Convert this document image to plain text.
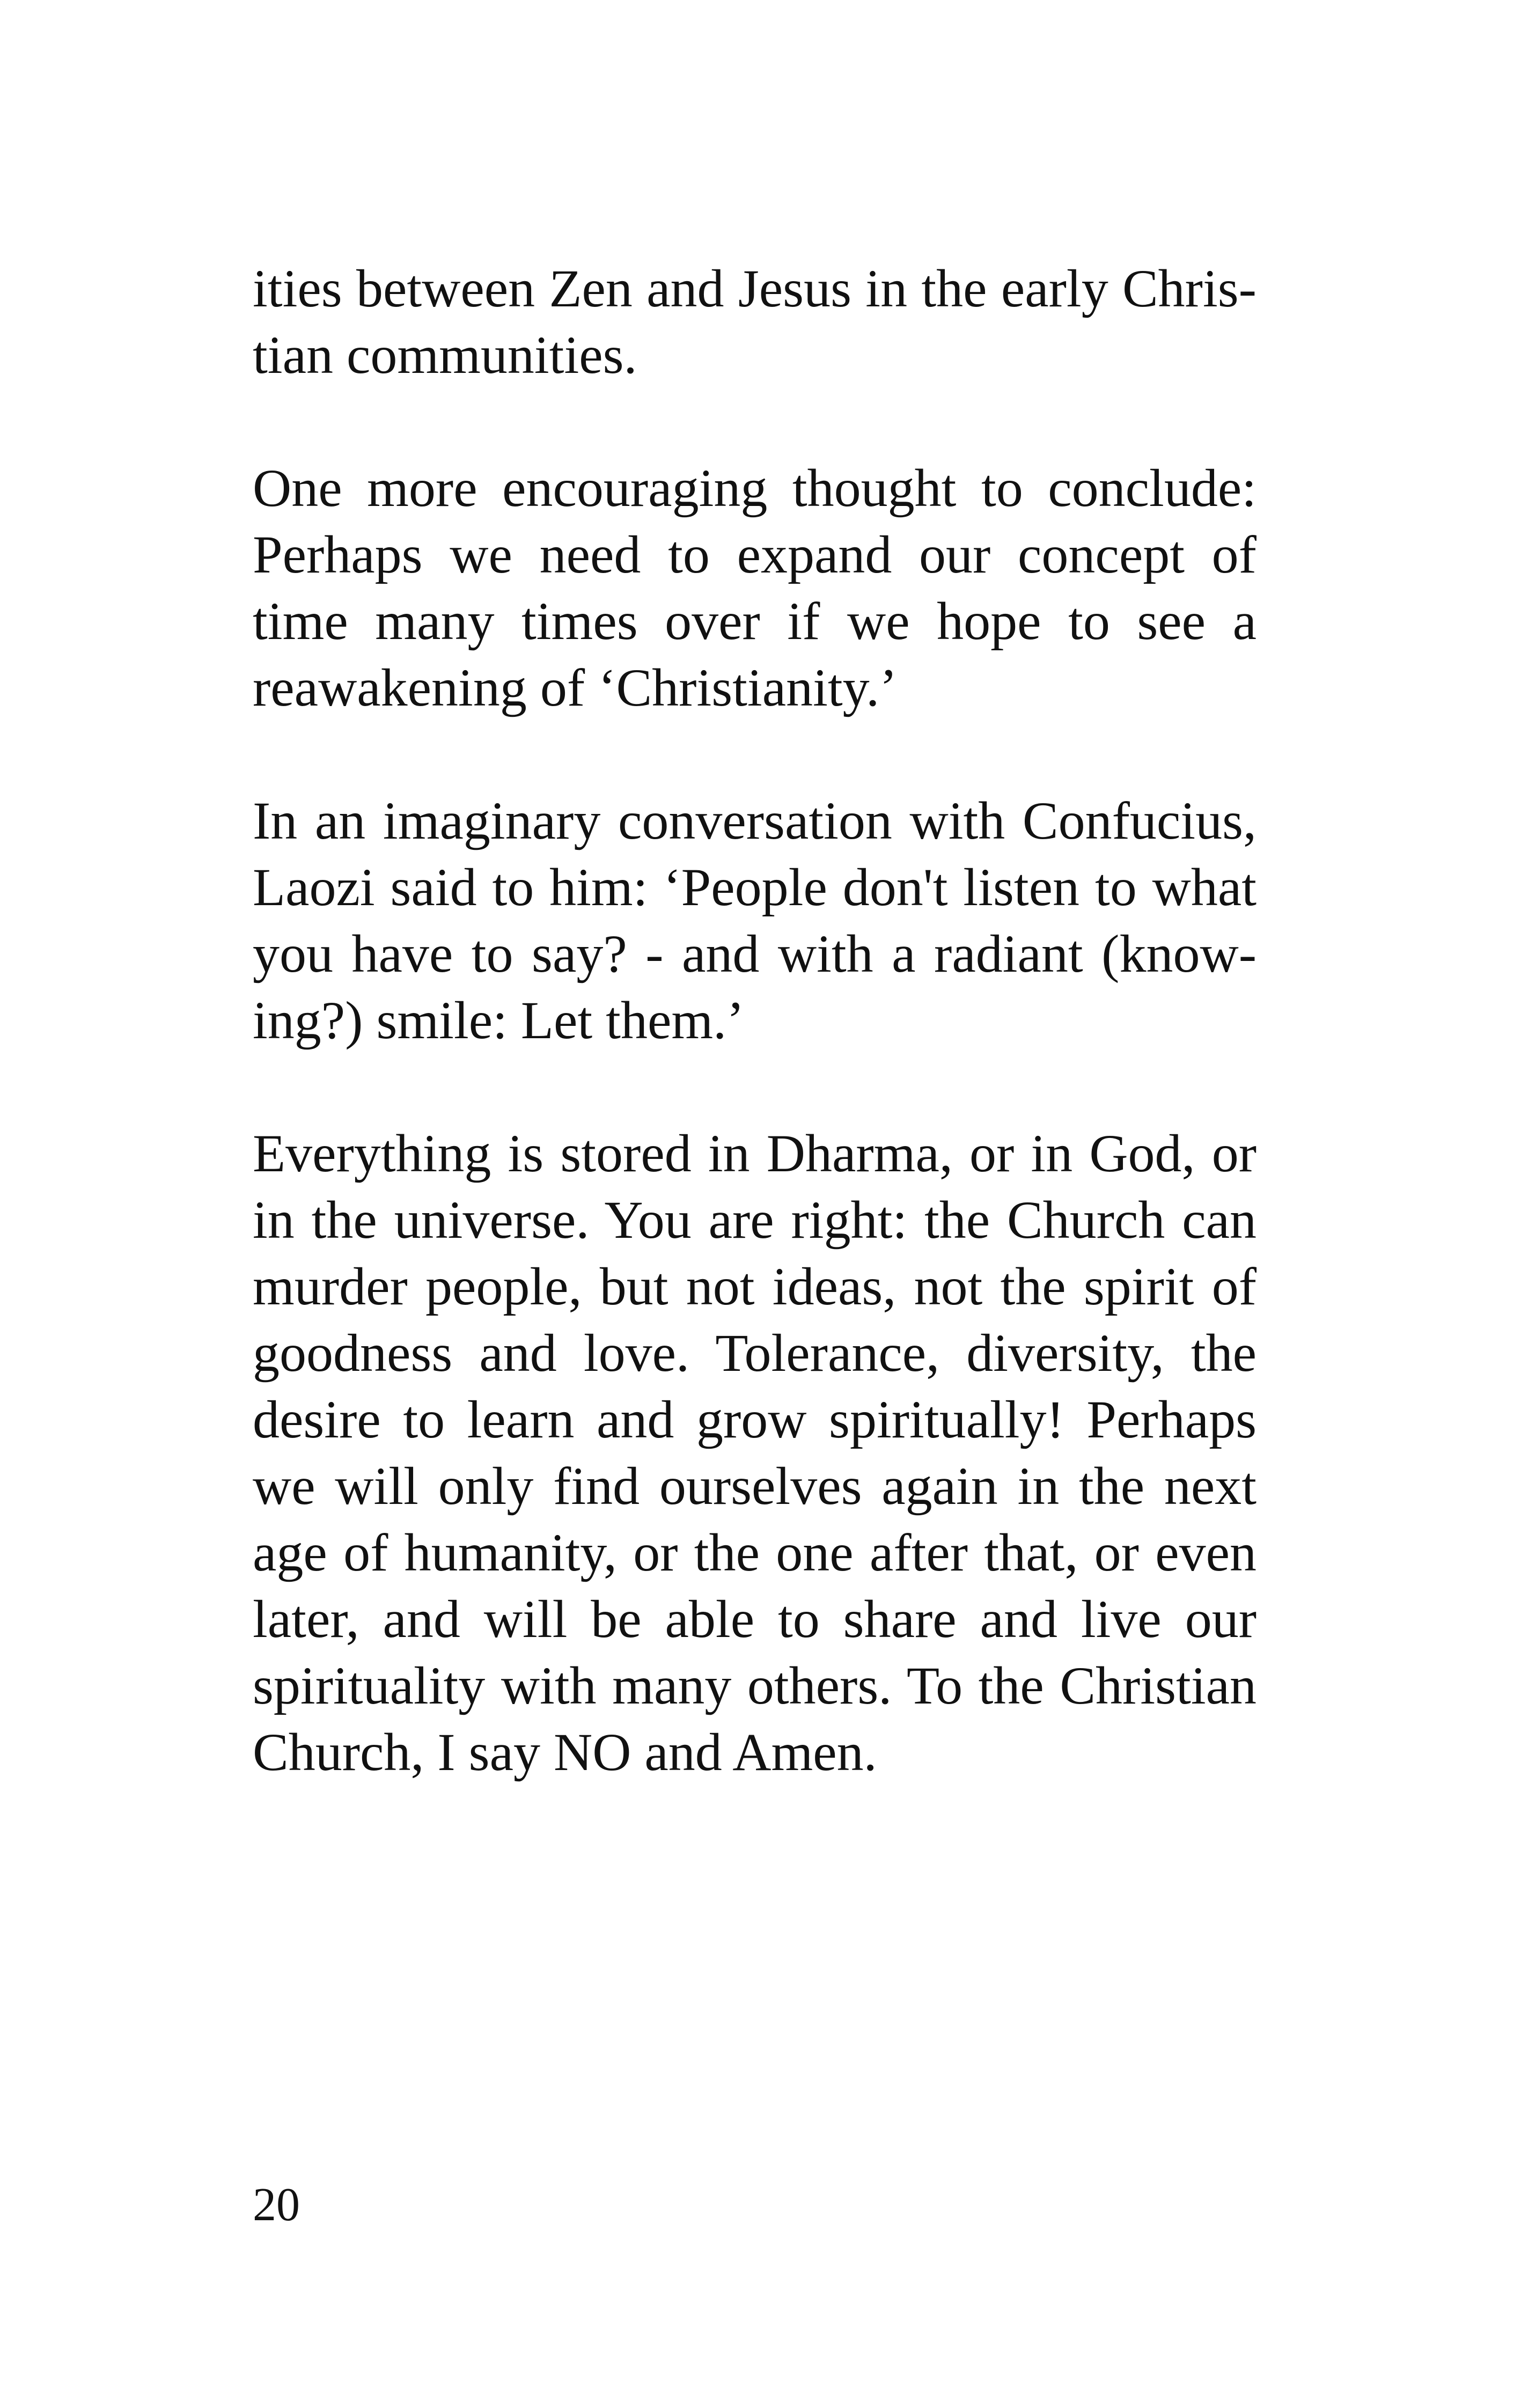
ities between Zen and Jesus in the early Chris-
tian communities.

One more encouraging thought to conclude:
Perhaps we need to expand our concept of
time many times over if we hope to see a
reawakening of ‘Christianity.’

In an imaginary conversation with Confucius,
Laozi said to him: ‘People don't listen to what
you have to say? - and with a radiant (know-
ing?) smile: Let them.’

Everything is stored in Dharma, or in God, or
in the universe. You are right: the Church can
murder people, but not ideas, not the spirit of
goodness and love. Tolerance, diversity, the
desire to learn and grow spiritually! Perhaps
we will only find ourselves again in the next
age of humanity, or the one after that, or even
later, and will be able to share and live our
spirituality with many others. To the Christian
Church, I say NO and Amen.

20
